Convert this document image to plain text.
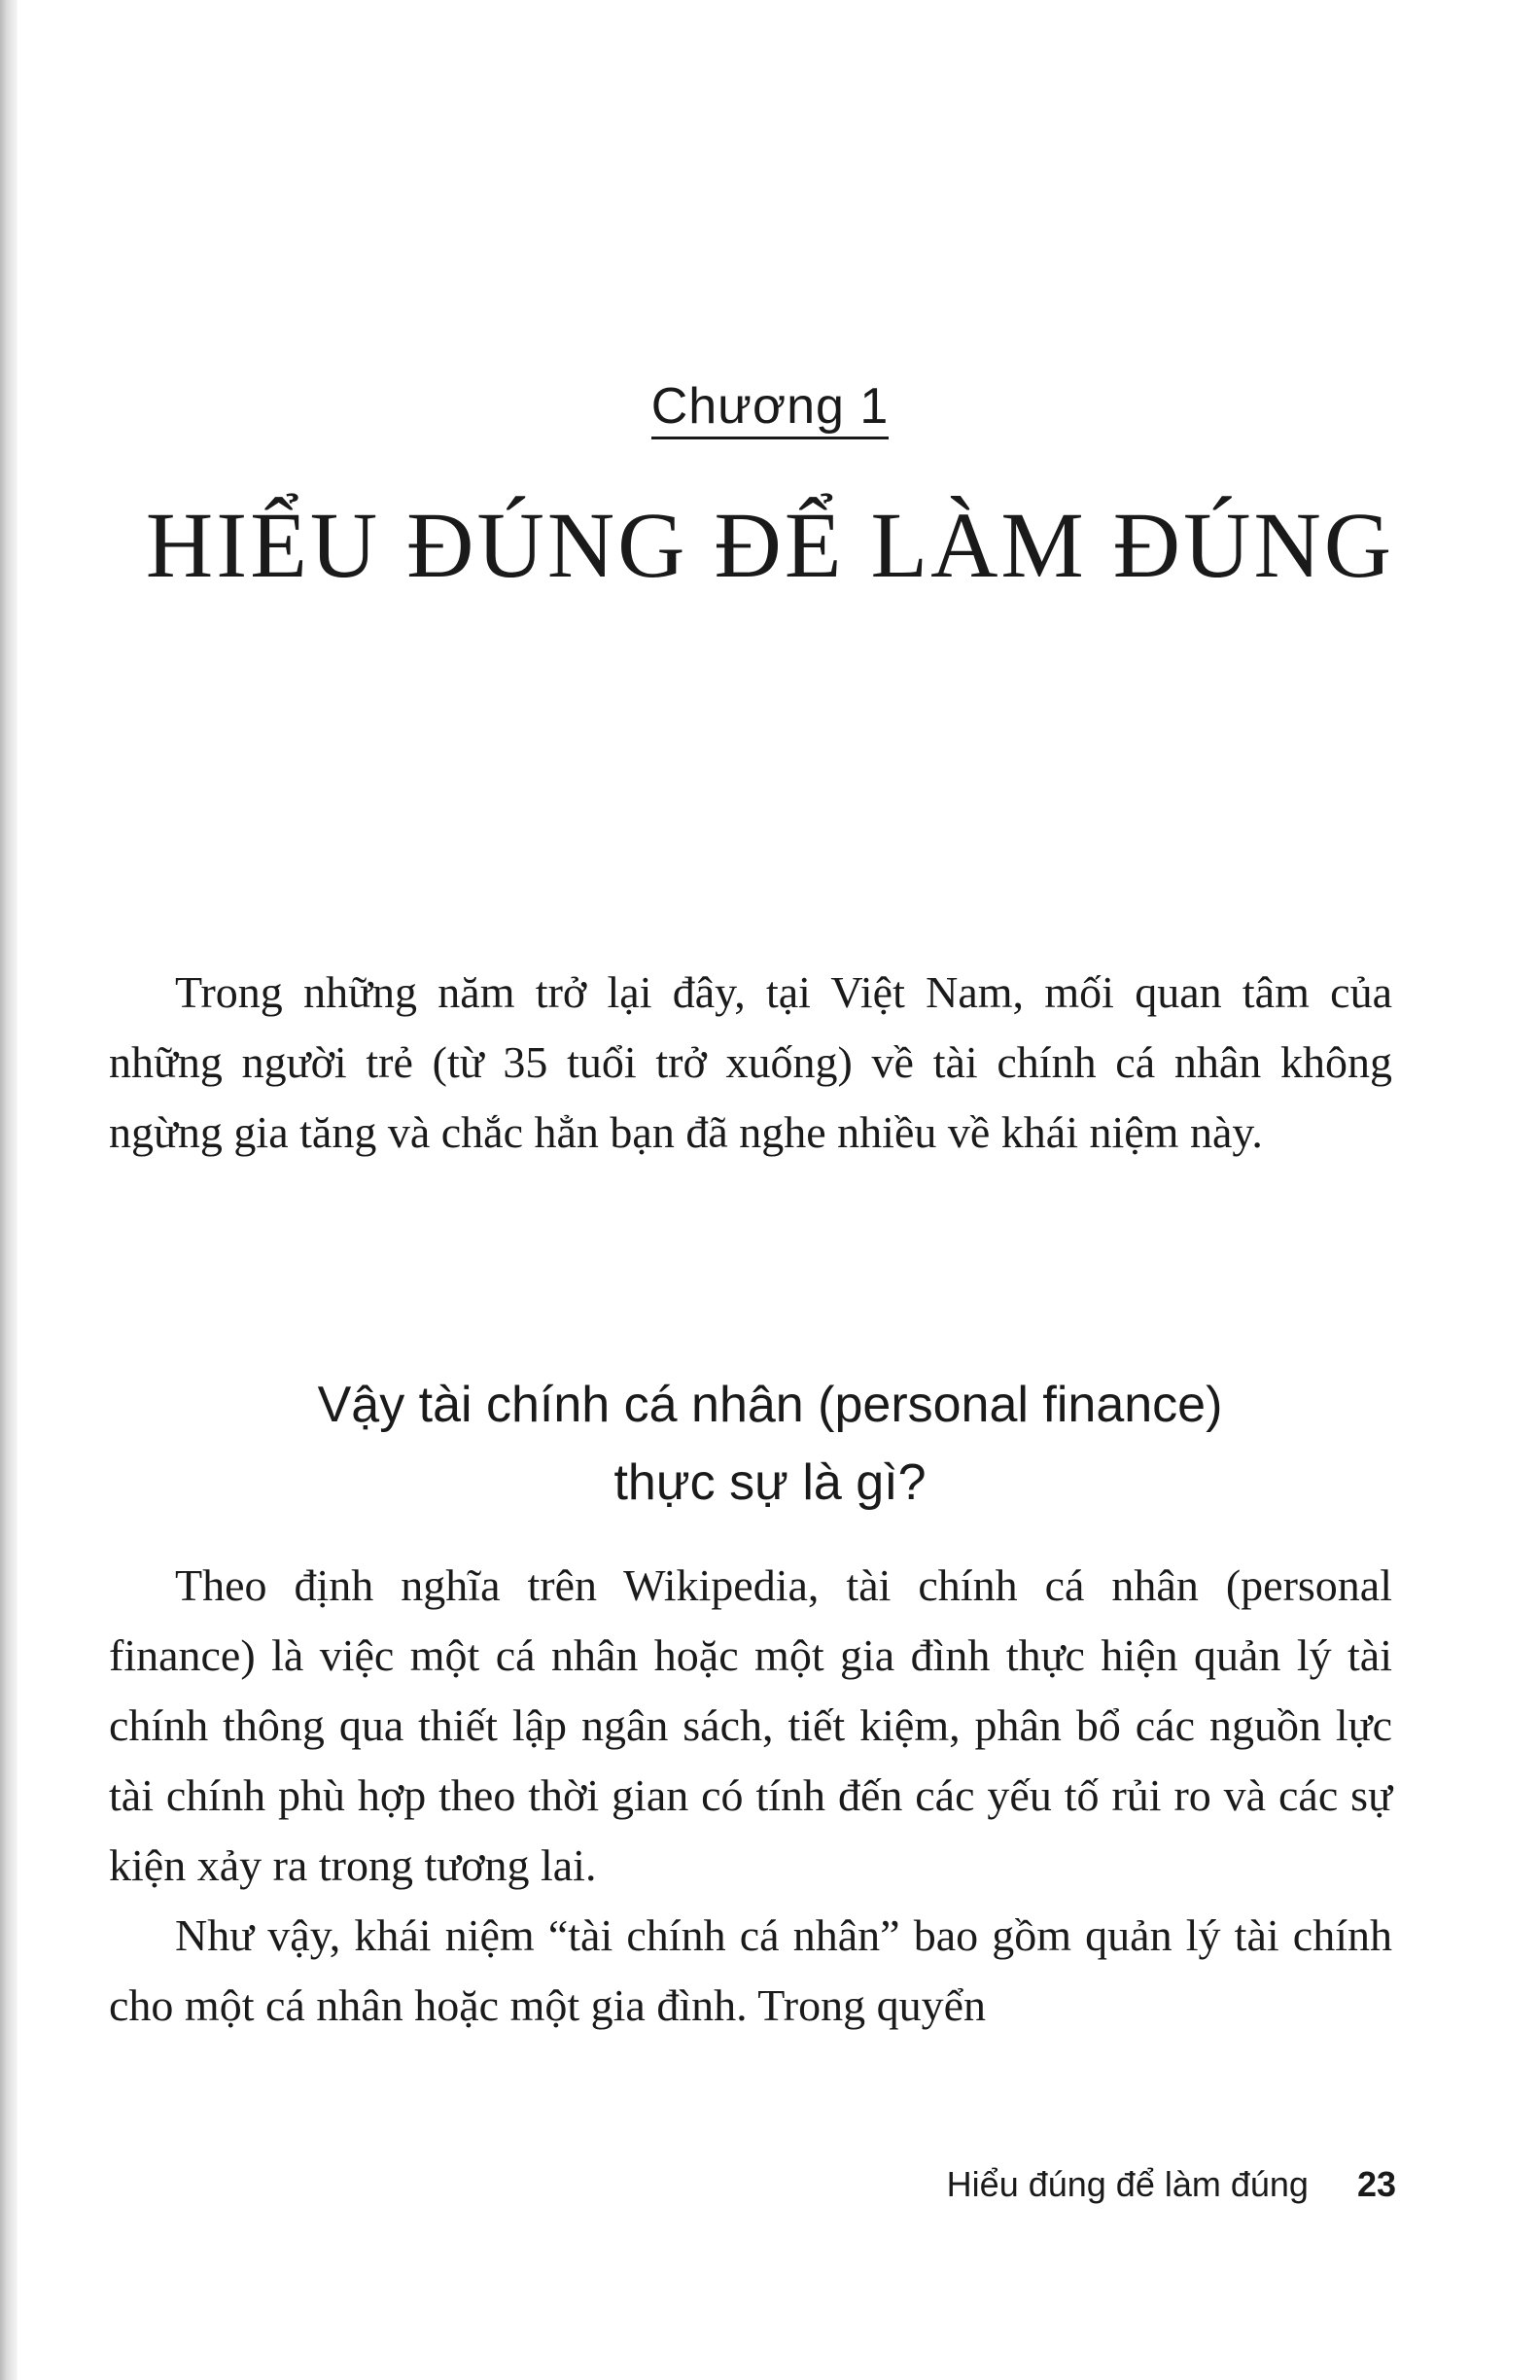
Chương 1
HIỂU ĐÚNG ĐỂ LÀM ĐÚNG

Trong những năm trở lại đây, tại Việt Nam, mối quan tâm của những người trẻ (từ 35 tuổi trở xuống) về tài chính cá nhân không ngừng gia tăng và chắc hẳn bạn đã nghe nhiều về khái niệm này.

Vậy tài chính cá nhân (personal finance)
thực sự là gì?

Theo định nghĩa trên Wikipedia, tài chính cá nhân (personal finance) là việc một cá nhân hoặc một gia đình thực hiện quản lý tài chính thông qua thiết lập ngân sách, tiết kiệm, phân bổ các nguồn lực tài chính phù hợp theo thời gian có tính đến các yếu tố rủi ro và các sự kiện xảy ra trong tương lai.

Như vậy, khái niệm “tài chính cá nhân” bao gồm quản lý tài chính cho một cá nhân hoặc một gia đình. Trong quyển

Hiểu đúng để làm đúng 23
